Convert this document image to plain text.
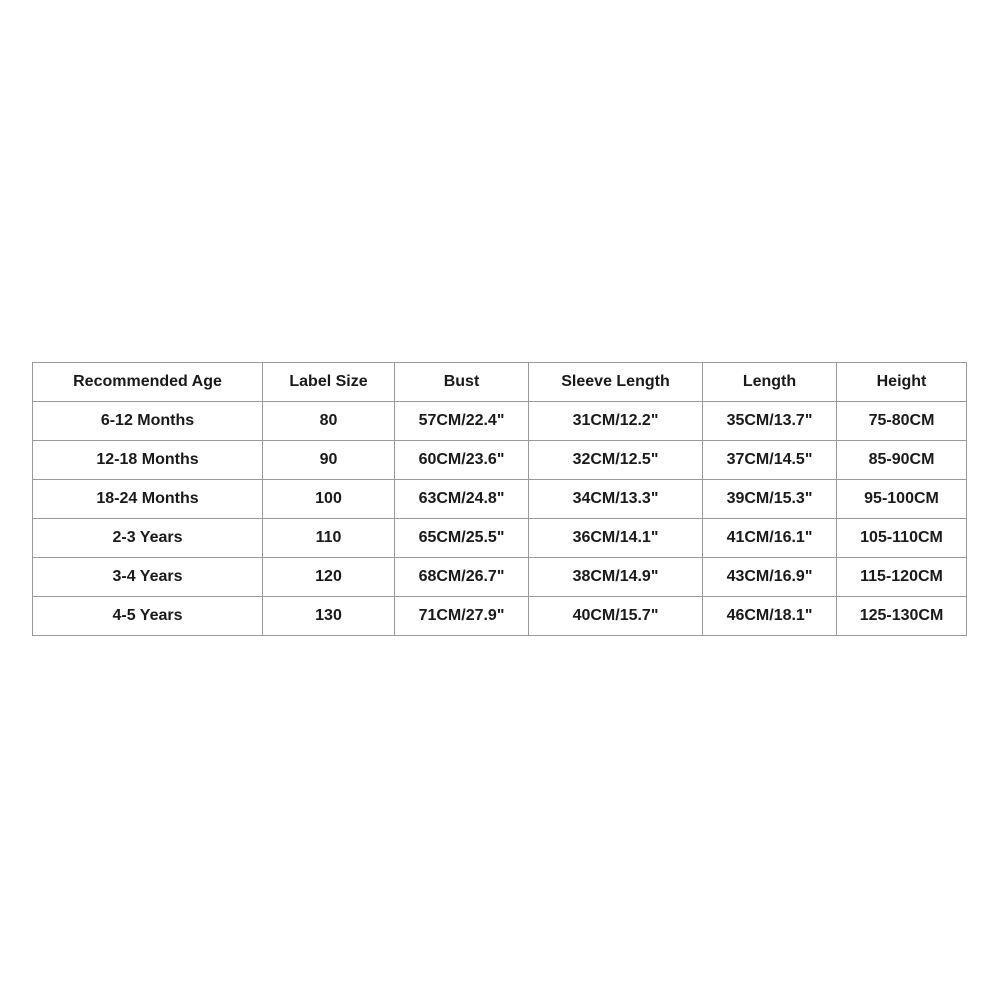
Recommended Age	Label Size	Bust	Sleeve Length	Length	Height
6-12 Months	80	57CM/22.4"	31CM/12.2"	35CM/13.7"	75-80CM
12-18 Months	90	60CM/23.6"	32CM/12.5"	37CM/14.5"	85-90CM
18-24 Months	100	63CM/24.8"	34CM/13.3"	39CM/15.3"	95-100CM
2-3 Years	110	65CM/25.5"	36CM/14.1"	41CM/16.1"	105-110CM
3-4 Years	120	68CM/26.7"	38CM/14.9"	43CM/16.9"	115-120CM
4-5 Years	130	71CM/27.9"	40CM/15.7"	46CM/18.1"	125-130CM
